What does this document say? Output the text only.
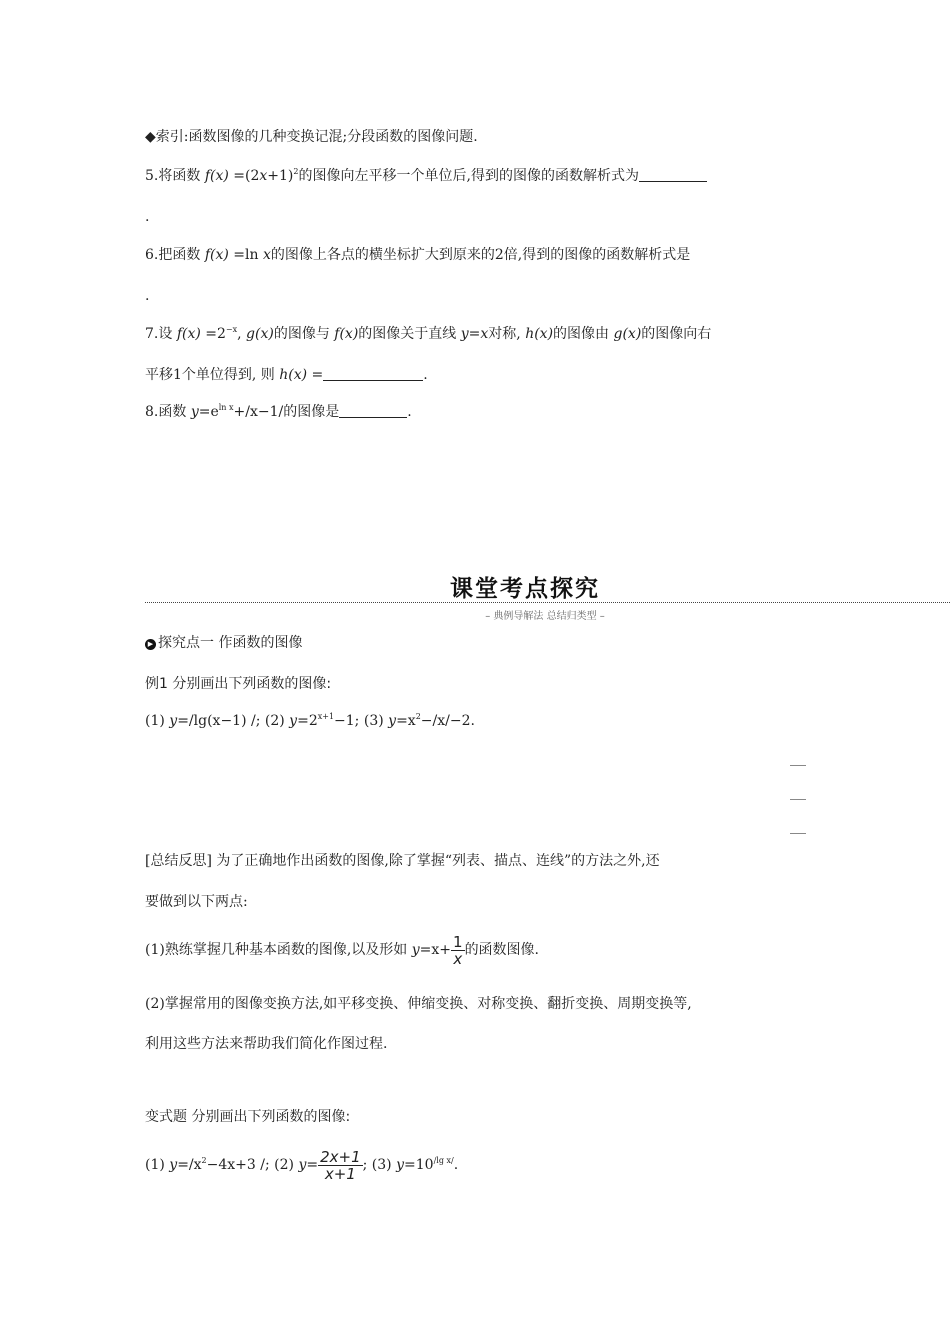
◆索引:函数图像的几种变换记混;分段函数的图像问题.
5.将函数 $f(x) =(2x+1)^2$的图像向左平移一个单位后,得到的图像的函数解析式为
.
6.把函数 f(x) =ln x的图像上各点的横坐标扩大到原来的2倍,得到的图像的函数解析式是
.
7.设 $f(x) =2^{-x}$, g(x)的图像与 f(x)的图像关于直线 y=x对称, h(x)的图像由 g(x)的图像向右
平移1个单位得到, 则 h(x) =	.
8.函数 $y=e^{ln x}+/x-1/$的图像是	.
课堂考点探究
– 典例导解法 总结归类型 –
▶ 探究点一 作函数的图像
例1 分别画出下列函数的图像:
(1) y=/lg(x−1) /; (2) $y=2^{x+1}-1$; (3) $y=x^2-/x/-2$.
[总结反思] 为了正确地作出函数的图像,除了掌握“列表、描点、连线”的方法之外,还
要做到以下两点:
(1)熟练掌握几种基本函数的图像,以及形如 $y=x+ \frac{1}{x}$ 的函数图像.
(2)掌握常用的图像变换方法,如平移变换、伸缩变换、对称变换、翻折变换、周期变换等,
利用这些方法来帮助我们简化作图过程.
变式题 分别画出下列函数的图像:
(1) $y=/x^2-4x+3$ /; (2) $y= \frac{2x+1}{x+1}$ ; (3) $y=10^{/lg x/}$.
